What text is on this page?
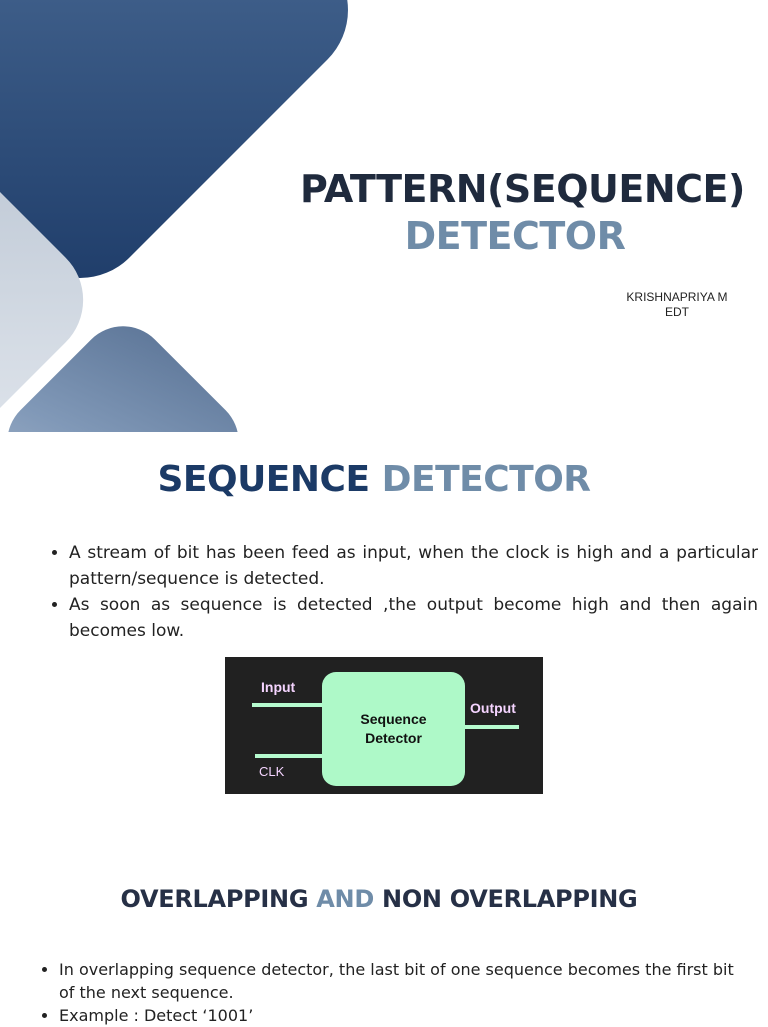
PATTERN(SEQUENCE)
DETECTOR
KRISHNAPRIYA M
EDT
SEQUENCE DETECTOR
• A stream of bit has been feed as input, when the clock is high and a particular pattern/sequence is detected.
• As soon as sequence is detected ,the output become high and then again becomes low.
Input
CLK
Sequence
Detector
Output
OVERLAPPING AND NON OVERLAPPING
• In overlapping sequence detector, the last bit of one sequence becomes the first bit of the next sequence.
• Example : Detect ‘1001’
